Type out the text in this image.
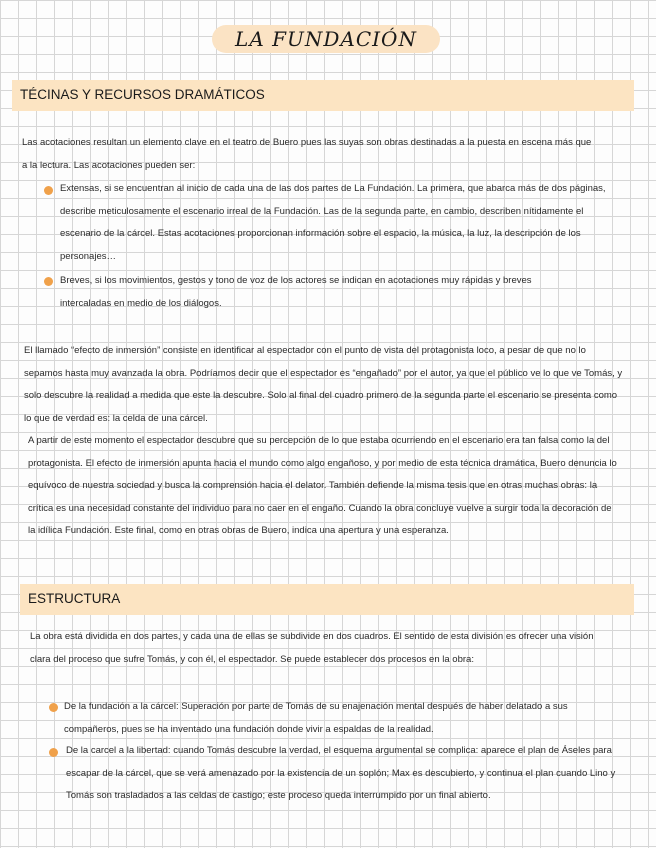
LA FUNDACIÓN
TÉCINAS Y RECURSOS DRAMÁTICOS
Las acotaciones resultan un elemento clave en el teatro de Buero pues las suyas son obras destinadas a la puesta en escena más que a la lectura. Las acotaciones pueden ser:
Extensas, si se encuentran al inicio de cada una de las dos partes de La Fundación. La primera, que abarca más de dos páginas, describe meticulosamente el escenario irreal de la Fundación. Las de la segunda parte, en cambio, describen nítidamente el escenario de la cárcel. Estas acotaciones proporcionan información sobre el espacio, la música, la luz, la descripción de los personajes…
Breves, si los movimientos, gestos y tono de voz de los actores se indican en acotaciones muy rápidas y breves intercaladas en medio de los diálogos.
El llamado “efecto de inmersión” consiste en identificar al espectador con el punto de vista del protagonista loco, a pesar de que no lo sepamos hasta muy avanzada la obra. Podríamos decir que el espectador es “engañado” por el autor, ya que el público ve lo que ve Tomás, y solo descubre la realidad a medida que este la descubre. Solo al final del cuadro primero de la segunda parte el escenario se presenta como lo que de verdad es: la celda de una cárcel.
A partir de este momento el espectador descubre que su percepción de lo que estaba ocurriendo en el escenario era tan falsa como la del protagonista. El efecto de inmersión apunta hacia el mundo como algo engañoso, y por medio de esta técnica dramática, Buero denuncia lo equívoco de nuestra sociedad y busca la comprensión hacia el delator. También defiende la misma tesis que en otras muchas obras: la crítica es una necesidad constante del individuo para no caer en el engaño. Cuando la obra concluye vuelve a surgir toda la decoración de la idílica Fundación. Este final, como en otras obras de Buero, indica una apertura y una esperanza.
ESTRUCTURA
La obra está dividida en dos partes, y cada una de ellas se subdivide en dos cuadros. El sentido de esta división es ofrecer una visión clara del proceso que sufre Tomás, y con él, el espectador. Se puede establecer dos procesos en la obra:
De la fundación a la cárcel: Superación por parte de Tomás de su enajenación mental después de haber delatado a sus compañeros, pues se ha inventado una fundación donde vivir a espaldas de la realidad.
De la carcel a la libertad: cuando Tomás descubre la verdad, el esquema argumental se complica: aparece el plan de Áseles para escapar de la cárcel, que se verá amenazado por la existencia de un soplón; Max es descubierto, y continua el plan cuando Lino y Tomás son trasladados a las celdas de castigo; este proceso queda interrumpido por un final abierto.
